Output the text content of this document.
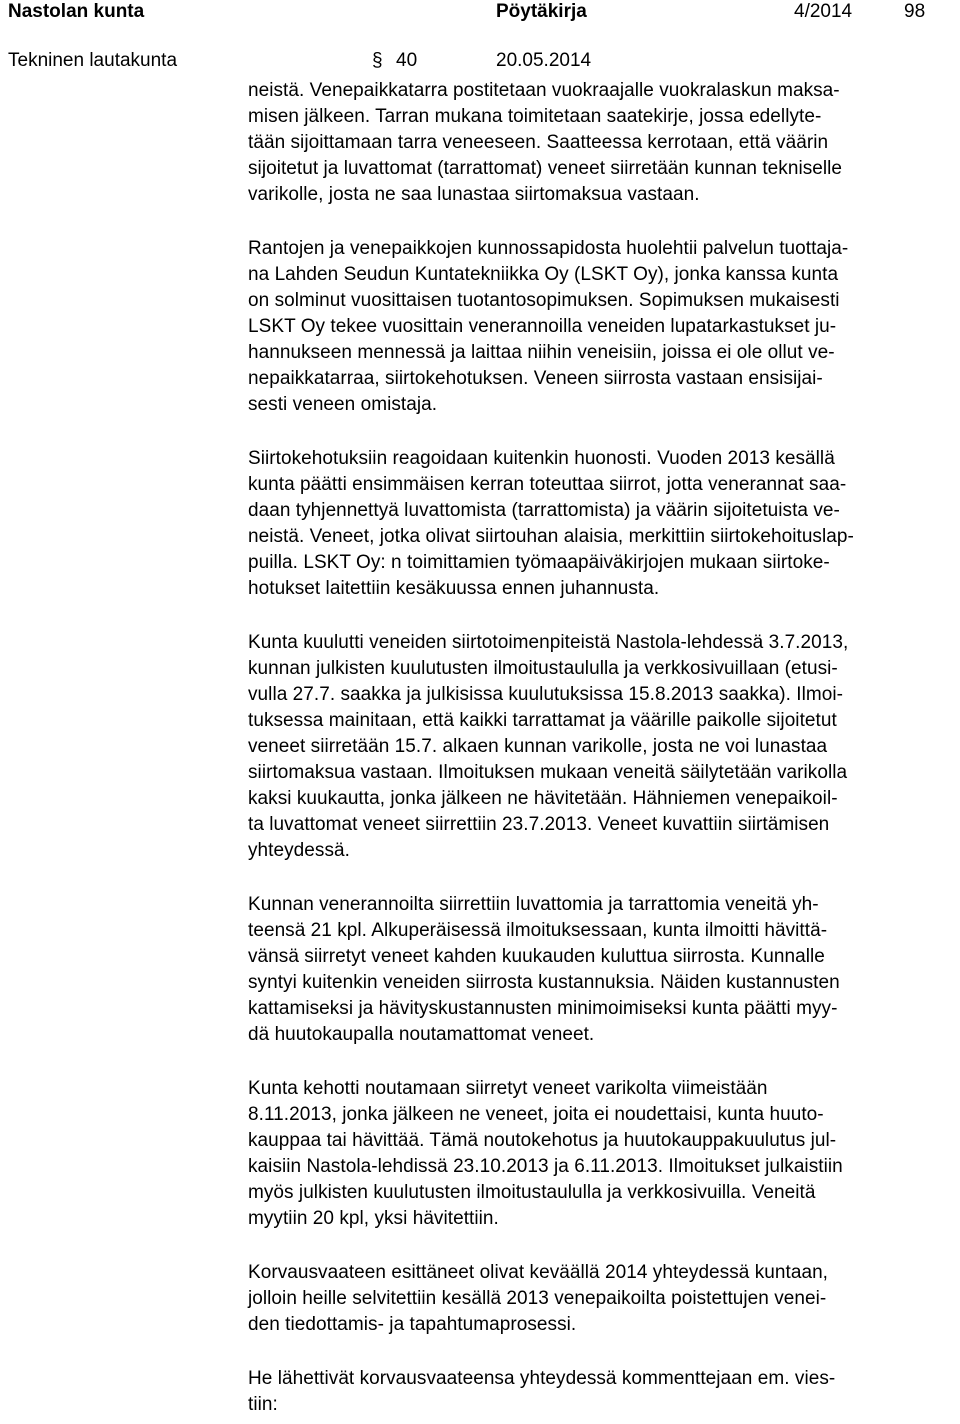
Nastolan kunta	Pöytäkirja	4/2014	98
Tekninen lautakunta	§ 40	20.05.2014

neistä. Venepaikkatarra postitetaan vuokraajalle vuokralaskun maksa-
misen jälkeen. Tarran mukana toimitetaan saatekirje, jossa edellyte-
tään sijoittamaan tarra veneeseen. Saatteessa kerrotaan, että väärin
sijoitetut ja luvattomat (tarrattomat) veneet siirretään kunnan tekniselle
varikolle, josta ne saa lunastaa siirtomaksua vastaan.

Rantojen ja venepaikkojen kunnossapidosta huolehtii palvelun tuottaja-
na Lahden Seudun Kuntatekniikka Oy (LSKT Oy), jonka kanssa kunta
on solminut vuosittaisen tuotantosopimuksen. Sopimuksen mukaisesti
LSKT Oy tekee vuosittain venerannoilla veneiden lupatarkastukset ju-
hannukseen mennessä ja laittaa niihin veneisiin, joissa ei ole ollut ve-
nepaikkatarraa, siirtokehotuksen. Veneen siirrosta vastaan ensisijai-
sesti veneen omistaja.

Siirtokehotuksiin reagoidaan kuitenkin huonosti. Vuoden 2013 kesällä
kunta päätti ensimmäisen kerran toteuttaa siirrot, jotta venerannat saa-
daan tyhjennettyä luvattomista (tarrattomista) ja väärin sijoitetuista ve-
neistä. Veneet, jotka olivat siirtouhan alaisia, merkittiin siirtokehoituslap-
puilla. LSKT Oy: n toimittamien työmaapäiväkirjojen mukaan siirtoke-
hotukset laitettiin kesäkuussa ennen juhannusta.

Kunta kuulutti veneiden siirtotoimenpiteistä Nastola-lehdessä 3.7.2013,
kunnan julkisten kuulutusten ilmoitustaululla ja verkkosivuillaan (etusi-
vulla 27.7. saakka ja julkisissa kuulutuksissa 15.8.2013 saakka). Ilmoi-
tuksessa mainitaan, että kaikki tarrattamat ja väärille paikolle sijoitetut
veneet siirretään 15.7. alkaen kunnan varikolle, josta ne voi lunastaa
siirtomaksua vastaan. Ilmoituksen mukaan veneitä säilytetään varikolla
kaksi kuukautta, jonka jälkeen ne hävitetään. Hähniemen venepaikoil-
ta luvattomat veneet siirrettiin 23.7.2013. Veneet kuvattiin siirtämisen
yhteydessä.

Kunnan venerannoilta siirrettiin luvattomia ja tarrattomia veneitä yh-
teensä 21 kpl. Alkuperäisessä ilmoituksessaan, kunta ilmoitti hävittä-
vänsä siirretyt veneet kahden kuukauden kuluttua siirrosta. Kunnalle
syntyi kuitenkin veneiden siirrosta kustannuksia. Näiden kustannusten
kattamiseksi ja hävityskustannusten minimoimiseksi kunta päätti myy-
dä huutokaupalla noutamattomat veneet.

Kunta kehotti noutamaan siirretyt veneet varikolta viimeistään
8.11.2013, jonka jälkeen ne veneet, joita ei noudettaisi, kunta huuto-
kauppaa tai hävittää. Tämä noutokehotus ja huutokauppakuulutus jul-
kaisiin Nastola-lehdissä 23.10.2013 ja 6.11.2013. Ilmoitukset julkaistiin
myös julkisten kuulutusten ilmoitustaululla ja verkkosivuilla. Veneitä
myytiin 20 kpl, yksi hävitettiin.

Korvausvaateen esittäneet olivat keväällä 2014 yhteydessä kuntaan,
jolloin heille selvitettiin kesällä 2013 venepaikoilta poistettujen venei-
den tiedottamis- ja tapahtumaprosessi.

He lähettivät korvausvaateensa yhteydessä kommenttejaan em. vies-
tiin:
